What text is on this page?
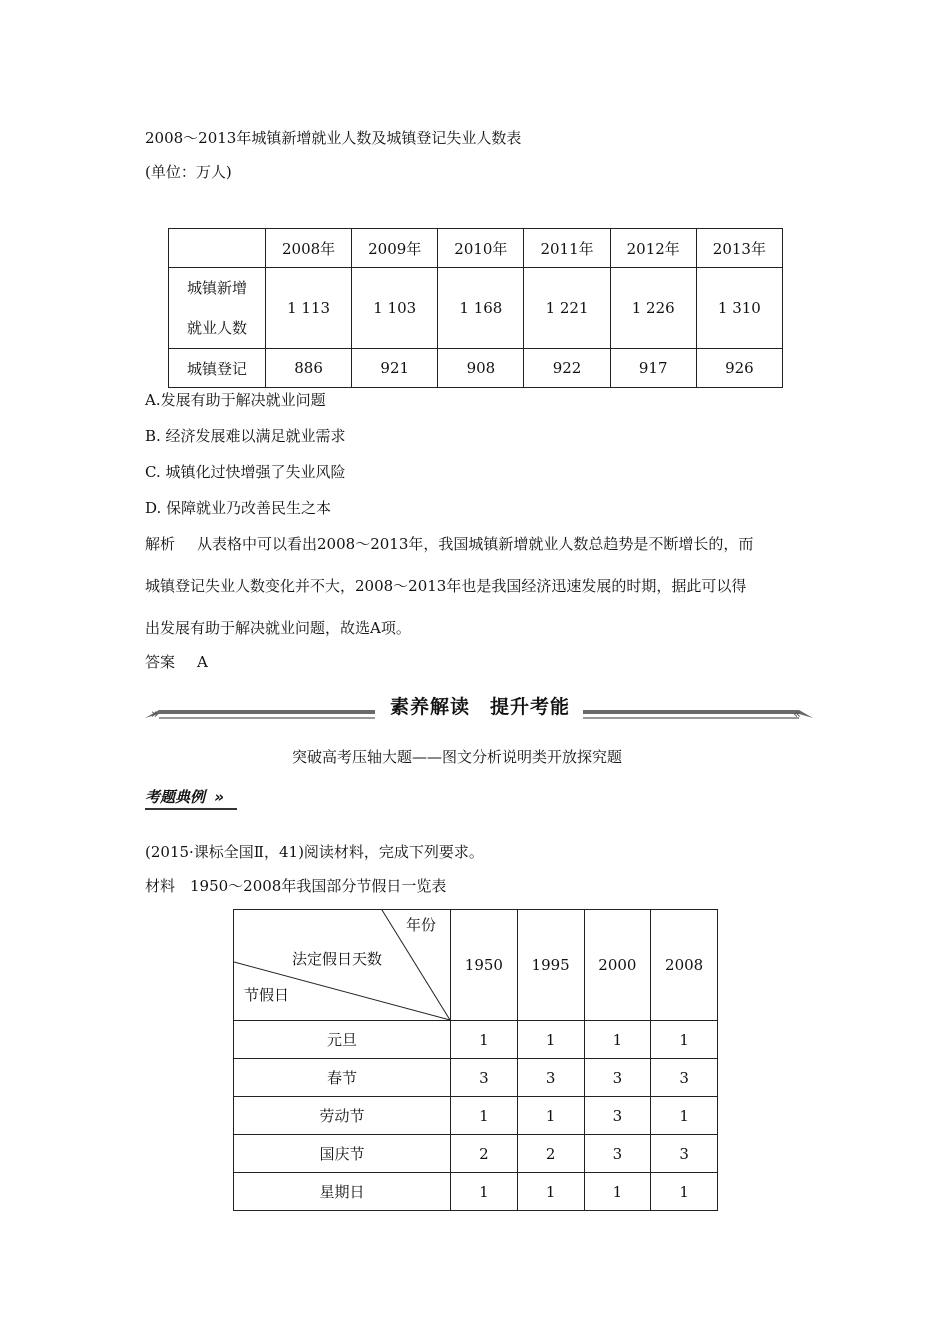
2008～2013年城镇新增就业人数及城镇登记失业人数表
(单位：万人)
	2008年	2009年	2010年	2011年	2012年	2013年

城镇新增
就业人数	1 113	1 103	1 168	1 221	1 226	1 310
城镇登记	886	921	908	922	917	926
A.发展有助于解决就业问题
B. 经济发展难以满足就业需求
C. 城镇化过快增强了失业风险
D. 保障就业乃改善民生之本
解析 从表格中可以看出2008～2013年，我国城镇新增就业人数总趋势是不断增长的，而
城镇登记失业人数变化并不大，2008～2013年也是我国经济迅速发展的时期，据此可以得
出发展有助于解决就业问题，故选A项。
答案 A
»	«
素养解读　提升考能
突破高考压轴大题——图文分析说明类开放探究题
考题典例 »
(2015·课标全国Ⅱ，41)阅读材料，完成下列要求。
材料　1950～2008年我国部分节假日一览表
年份
法定假日天数
节假日	1950	1995	2000	2008
元旦	1	1	1	1
春节	3	3	3	3
劳动节	1	1	3	1
国庆节	2	2	3	3
星期日	1	1	1	1
